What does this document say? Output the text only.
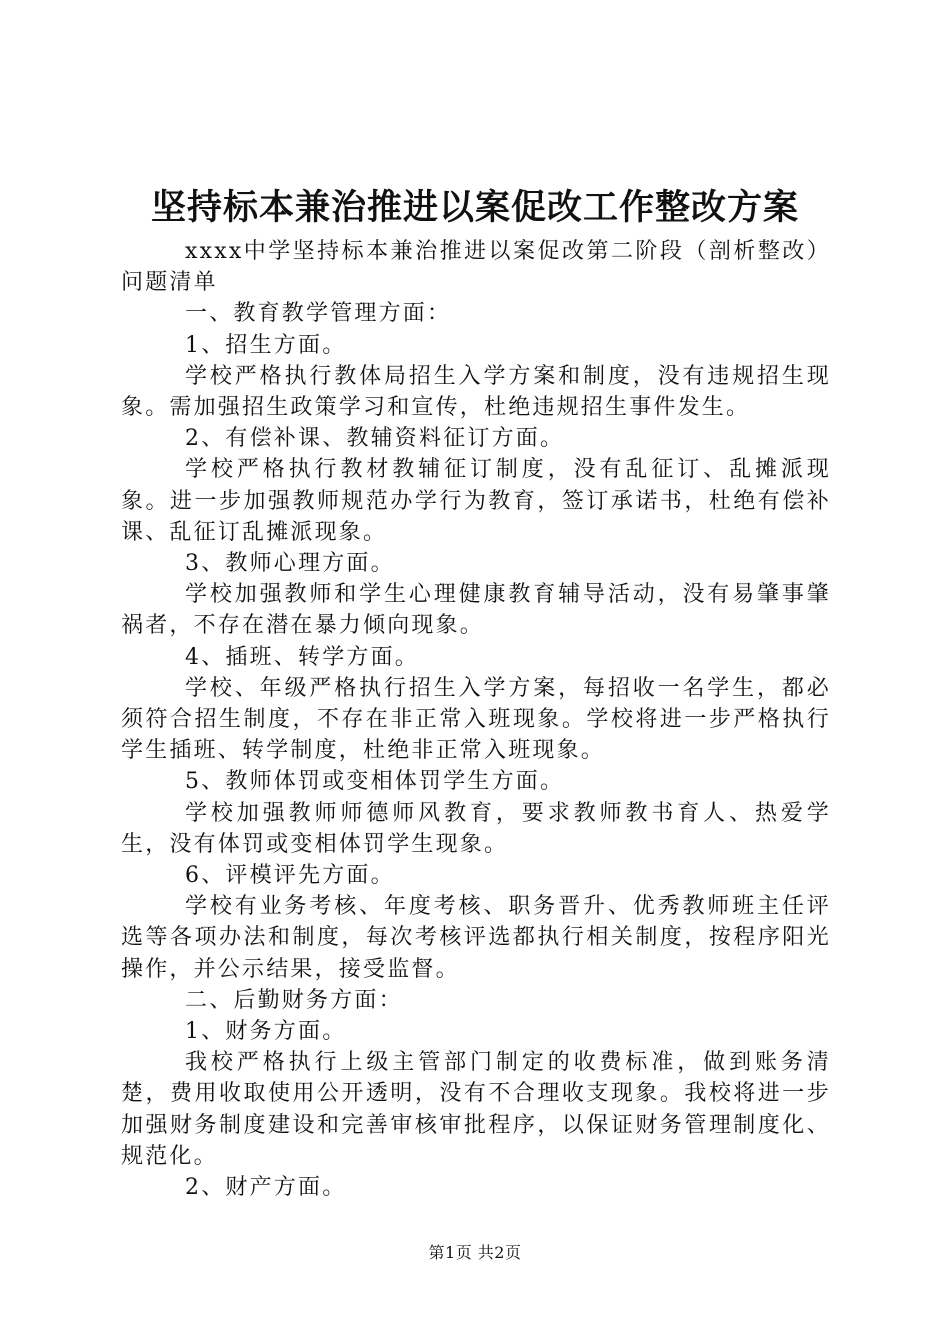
坚持标本兼治推进以案促改工作整改方案

xxxx中学坚持标本兼治推进以案促改第二阶段（剖析整改）问题清单

一、教育教学管理方面：

1、招生方面。

学校严格执行教体局招生入学方案和制度，没有违规招生现象。需加强招生政策学习和宣传，杜绝违规招生事件发生。

2、有偿补课、教辅资料征订方面。

学校严格执行教材教辅征订制度，没有乱征订、乱摊派现象。进一步加强教师规范办学行为教育，签订承诺书，杜绝有偿补课、乱征订乱摊派现象。

3、教师心理方面。

学校加强教师和学生心理健康教育辅导活动，没有易肇事肇祸者，不存在潜在暴力倾向现象。

4、插班、转学方面。

学校、年级严格执行招生入学方案，每招收一名学生，都必须符合招生制度，不存在非正常入班现象。学校将进一步严格执行学生插班、转学制度，杜绝非正常入班现象。

5、教师体罚或变相体罚学生方面。

学校加强教师师德师风教育，要求教师教书育人、热爱学生，没有体罚或变相体罚学生现象。

6、评模评先方面。

学校有业务考核、年度考核、职务晋升、优秀教师班主任评选等各项办法和制度，每次考核评选都执行相关制度，按程序阳光操作，并公示结果，接受监督。

二、后勤财务方面：

1、财务方面。

我校严格执行上级主管部门制定的收费标准，做到账务清楚，费用收取使用公开透明，没有不合理收支现象。我校将进一步加强财务制度建设和完善审核审批程序，以保证财务管理制度化、规范化。

2、财产方面。

第1页 共2页
